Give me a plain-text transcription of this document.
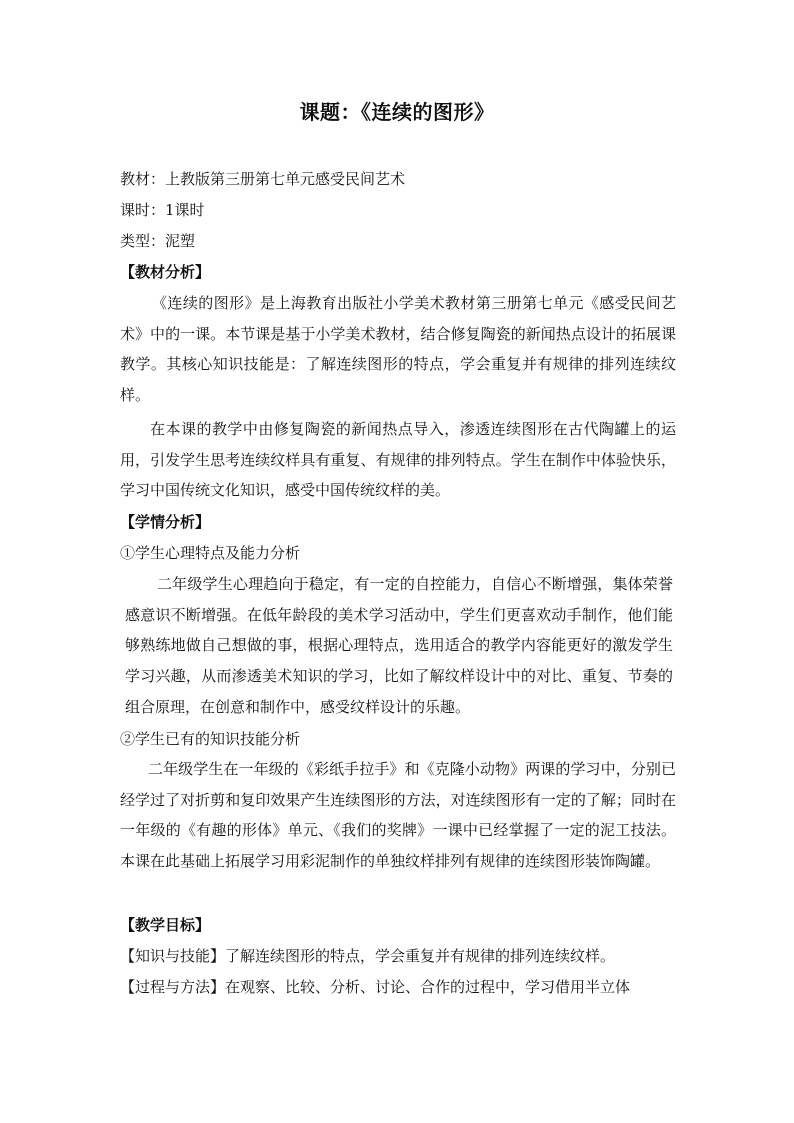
课题：《连续的图形》
教材：上教版第三册第七单元感受民间艺术
课时：1课时
类型：泥塑
【教材分析】

《连续的图形》是上海教育出版社小学美术教材第三册第七单元《感受民间艺术》中的一课。本节课是基于小学美术教材，结合修复陶瓷的新闻热点设计的拓展课教学。其核心知识技能是：了解连续图形的特点，学会重复并有规律的排列连续纹样。

在本课的教学中由修复陶瓷的新闻热点导入，渗透连续图形在古代陶罐上的运用，引发学生思考连续纹样具有重复、有规律的排列特点。学生在制作中体验快乐，学习中国传统文化知识，感受中国传统纹样的美。

【学情分析】
①学生心理特点及能力分析

二年级学生心理趋向于稳定，有一定的自控能力，自信心不断增强，集体荣誉感意识不断增强。在低年龄段的美术学习活动中，学生们更喜欢动手制作，他们能够熟练地做自己想做的事，根据心理特点，选用适合的教学内容能更好的激发学生学习兴趣，从而渗透美术知识的学习，比如了解纹样设计中的对比、重复、节奏的组合原理，在创意和制作中，感受纹样设计的乐趣。

②学生已有的知识技能分析

二年级学生在一年级的《彩纸手拉手》和《克隆小动物》两课的学习中，分别已经学过了对折剪和复印效果产生连续图形的方法，对连续图形有一定的了解；同时在一年级的《有趣的形体》单元、《我们的奖牌》一课中已经掌握了一定的泥工技法。本课在此基础上拓展学习用彩泥制作的单独纹样排列有规律的连续图形装饰陶罐。

【教学目标】
【知识与技能】了解连续图形的特点，学会重复并有规律的排列连续纹样。
【过程与方法】在观察、比较、分析、讨论、合作的过程中，学习借用半立体
